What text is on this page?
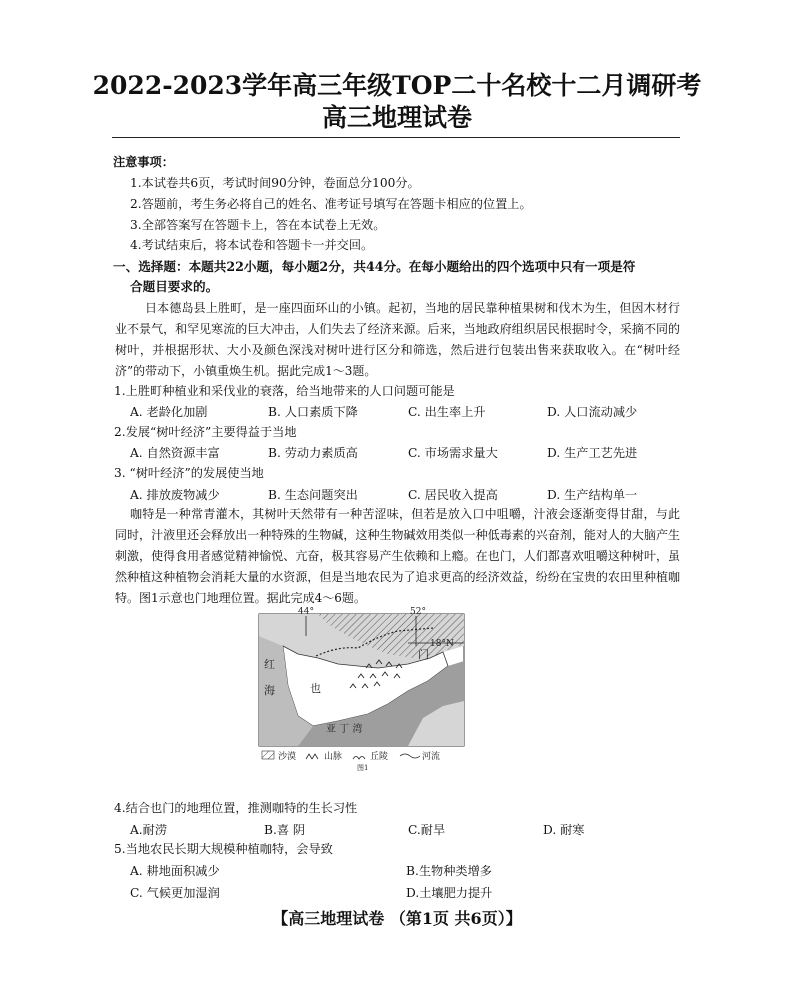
2022-2023学年高三年级TOP二十名校十二月调研考
高三地理试卷
注意事项：
1.本试卷共6页，考试时间90分钟，卷面总分100分。
2.答题前，考生务必将自己的姓名、准考证号填写在答题卡相应的位置上。
3.全部答案写在答题卡上，答在本试卷上无效。
4.考试结束后，将本试卷和答题卡一并交回。
一、选择题：本题共22小题，每小题2分，共44分。在每小题给出的四个选项中只有一项是符
合题目要求的。
日本德岛县上胜町，是一座四面环山的小镇。起初，当地的居民靠种植果树和伐木为生，但因木材行业不景气，和罕见寒流的巨大冲击，人们失去了经济来源。后来，当地政府组织居民根据时令，采摘不同的树叶，并根据形状、大小及颜色深浅对树叶进行区分和筛选，然后进行包装出售来获取收入。在“树叶经济”的带动下，小镇重焕生机。据此完成1～3题。
1.上胜町种植业和采伐业的衰落，给当地带来的人口问题可能是
A. 老龄化加剧	B. 人口素质下降	C. 出生率上升	D. 人口流动减少
2.发展“树叶经济”主要得益于当地
A. 自然资源丰富	B. 劳动力素质高	C. 市场需求量大	D. 生产工艺先进
3. “树叶经济”的发展使当地
A. 排放废物减少	B. 生态问题突出	C. 居民收入提高	D. 生产结构单一
咖特是一种常青灌木，其树叶天然带有一种苦涩味，但若是放入口中咀嚼，汁液会逐渐变得甘甜，与此同时，汁液里还会释放出一种特殊的生物碱，这种生物碱效用类似一种低毒素的兴奋剂，能对人的大脑产生刺激，使得食用者感觉精神愉悦、亢奋，极其容易产生依赖和上瘾。在也门，人们都喜欢咀嚼这种树叶，虽然种植这种植物会消耗大量的水资源，但是当地农民为了追求更高的经济效益，纷纷在宝贵的农田里种植咖特。图1示意也门地理位置。据此完成4～6题。
44°	52°
18°N
红
海	也
门
亚 丁 湾
沙漠	山脉	丘陵	河流
图1
4.结合也门的地理位置，推测咖特的生长习性
A.耐涝	B.喜 阴	C.耐旱	D. 耐寒
5.当地农民长期大规模种植咖特，会导致
A. 耕地面积减少	B.生物种类增多
C. 气候更加湿润	D.土壤肥力提升
【高三地理试卷 （第1页 共6页）】
